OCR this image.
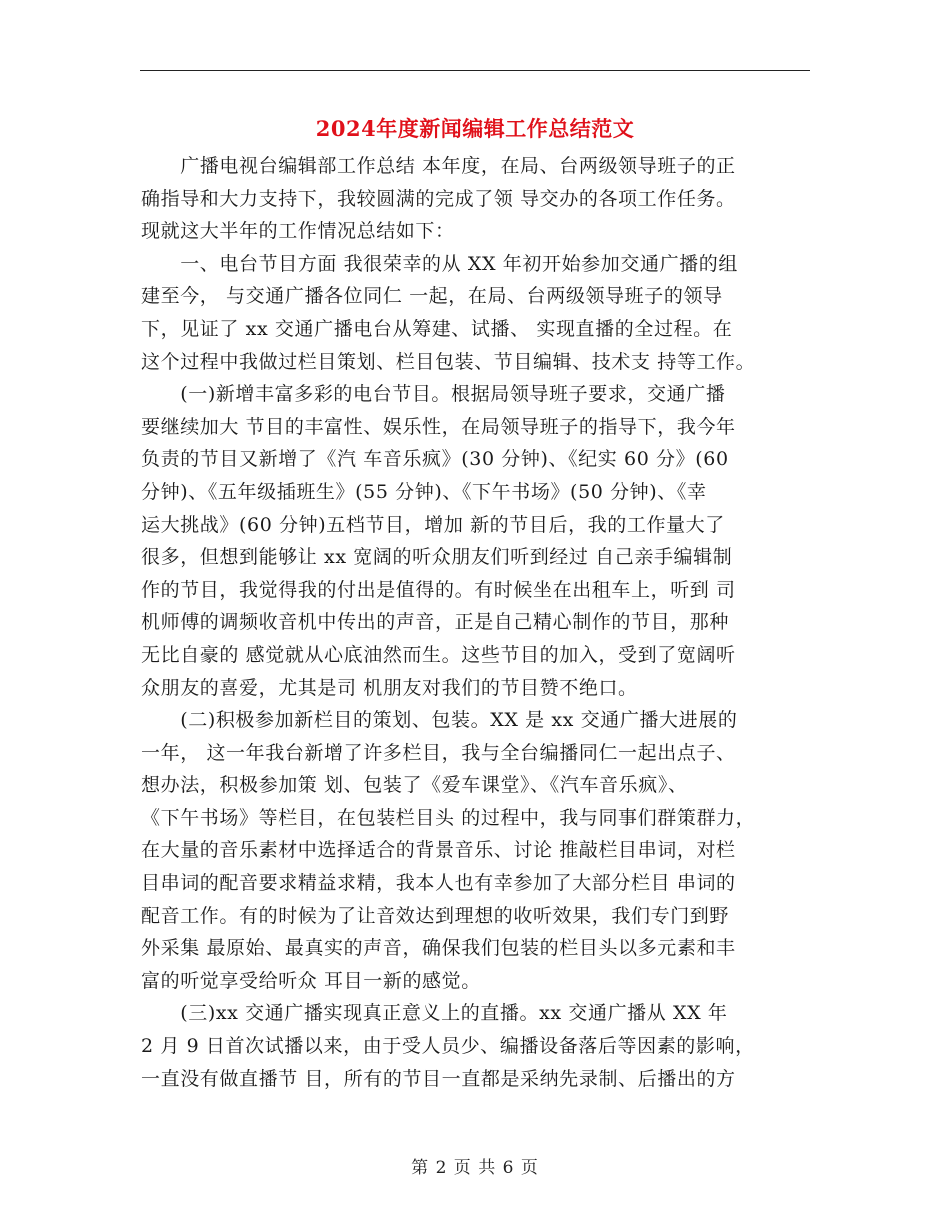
2024年度新闻编辑工作总结范文
　　广播电视台编辑部工作总结 本年度，在局、台两级领导班子的正
确指导和大力支持下，我较圆满的完成了领 导交办的各项工作任务。
现就这大半年的工作情况总结如下：
　　一、电台节目方面 我很荣幸的从 XX 年初开始参加交通广播的组
建至今， 与交通广播各位同仁 一起，在局、台两级领导班子的领导
下，见证了 xx 交通广播电台从筹建、试播、 实现直播的全过程。在
这个过程中我做过栏目策划、栏目包装、节目编辑、技术支 持等工作。
　　(一)新增丰富多彩的电台节目。根据局领导班子要求，交通广播
要继续加大 节目的丰富性、娱乐性，在局领导班子的指导下，我今年
负责的节目又新增了《汽 车音乐疯》(30 分钟)、《纪实 60 分》(60
分钟)、《五年级插班生》(55 分钟)、《下午书场》(50 分钟)、《幸
运大挑战》(60 分钟)五档节目，增加 新的节目后，我的工作量大了
很多，但想到能够让 xx 宽阔的听众朋友们听到经过 自己亲手编辑制
作的节目，我觉得我的付出是值得的。有时候坐在出租车上，听到 司
机师傅的调频收音机中传出的声音，正是自己精心制作的节目，那种
无比自豪的 感觉就从心底油然而生。这些节目的加入，受到了宽阔听
众朋友的喜爱，尤其是司 机朋友对我们的节目赞不绝口。
　　(二)积极参加新栏目的策划、包装。XX 是 xx 交通广播大进展的
一年， 这一年我台新增了许多栏目，我与全台编播同仁一起出点子、
想办法，积极参加策 划、包装了《爱车课堂》、《汽车音乐疯》、
《下午书场》等栏目，在包装栏目头 的过程中，我与同事们群策群力，
在大量的音乐素材中选择适合的背景音乐、讨论 推敲栏目串词，对栏
目串词的配音要求精益求精，我本人也有幸参加了大部分栏目 串词的
配音工作。有的时候为了让音效达到理想的收听效果，我们专门到野
外采集 最原始、最真实的声音，确保我们包装的栏目头以多元素和丰
富的听觉享受给听众 耳目一新的感觉。
　　(三)xx 交通广播实现真正意义上的直播。xx 交通广播从 XX 年
2 月 9 日首次试播以来，由于受人员少、编播设备落后等因素的影响，
一直没有做直播节 目，所有的节目一直都是采纳先录制、后播出的方
第 2 页 共 6 页
